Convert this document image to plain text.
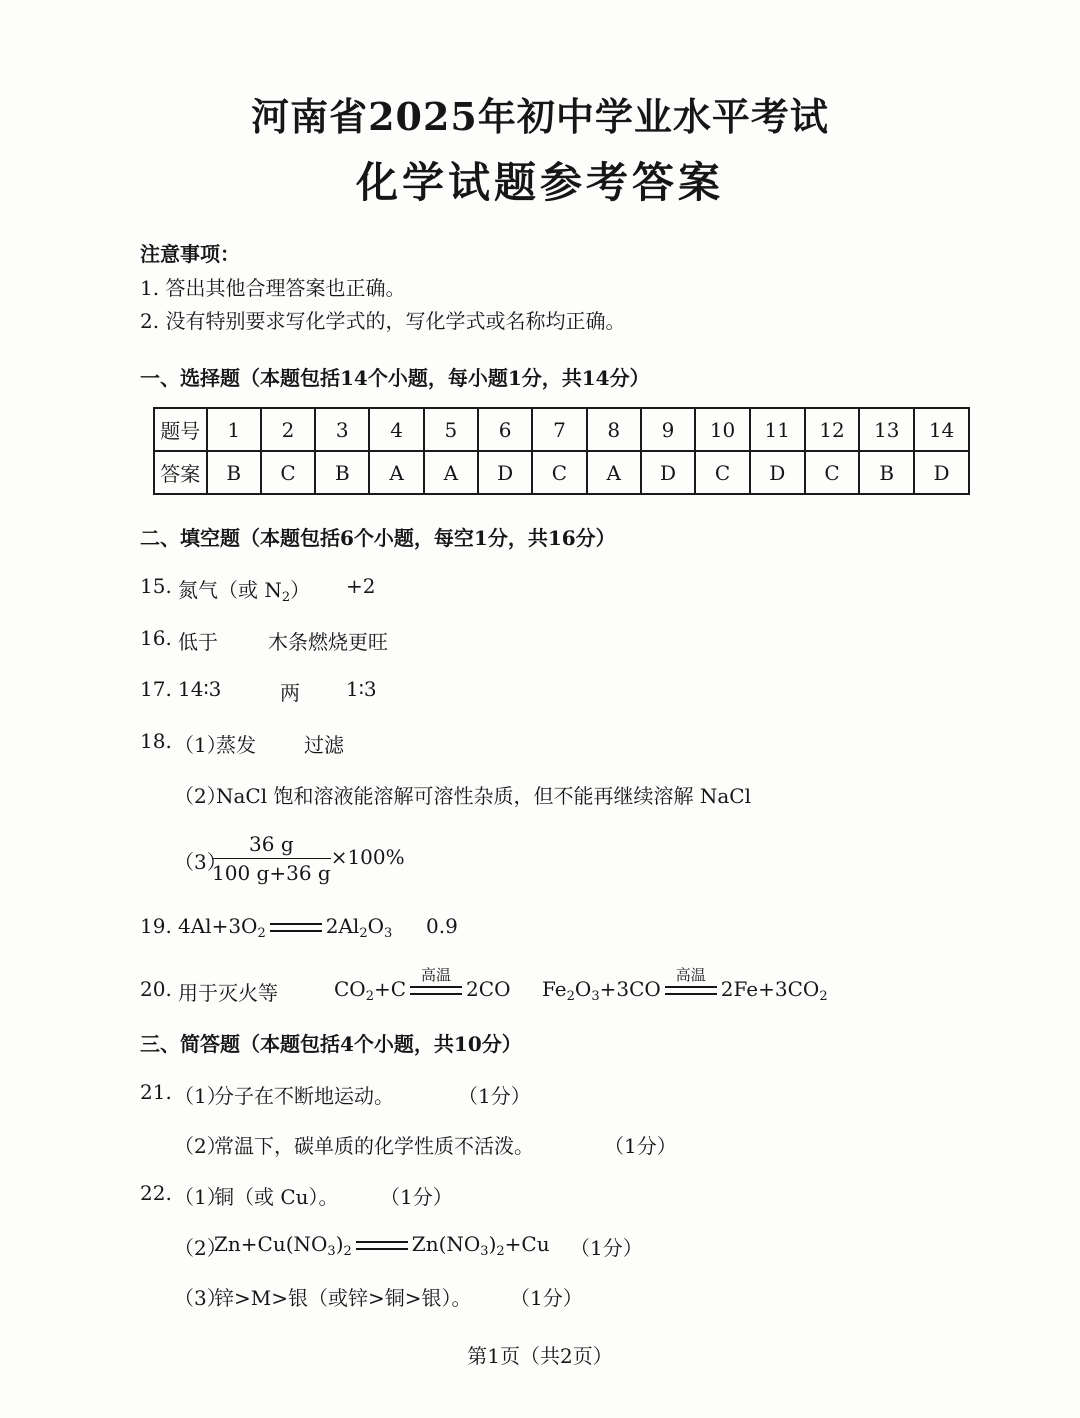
河南省2025年初中学业水平考试
化学试题参考答案
注意事项：
1. 答出其他合理答案也正确。
2. 没有特别要求写化学式的，写化学式或名称均正确。
一、选择题（本题包括14个小题，每小题1分，共14分）
题号	1	2	3	4	5	6	7	8	9	10	11	12	13	14
答案	B	C	B	A	A	D	C	A	D	C	D	C	B	D
二、填空题（本题包括6个小题，每空1分，共16分）
15. 氮气（或 $N_2) +2$
16. 低于	木条燃烧更旺
17. 14∶3	两 1∶3
18. （1）
蒸发 过滤
（2）
NaCl 饱和溶液能溶解可溶性杂质，但不能再继续溶解 NaCl
（3）
$\frac{36 g}{100 g+36 g} \times 100\%$
19. $4Al+3O_2$	$2Al_2O_3$ 0.9
20. 用于灭火等	$CO_2+C$
高温
2CO $Fe_2O_3+3CO$
高温
$2Fe+3CO_2$
三、简答题（本题包括4个小题，共10分）
21. （1）
分子在不断地运动。	（1分）
（2）
常温下，碳单质的化学性质不活泼。	（1分）
22. （1）
铜（或 Cu）。 （1分）
（2）
$Zn+Cu(NO_3)_2$	$Zn(NO_3)_2+Cu$ （1分）
（3）
锌>M>银（或锌>铜>银）。 （1分）
第1页（共2页）
